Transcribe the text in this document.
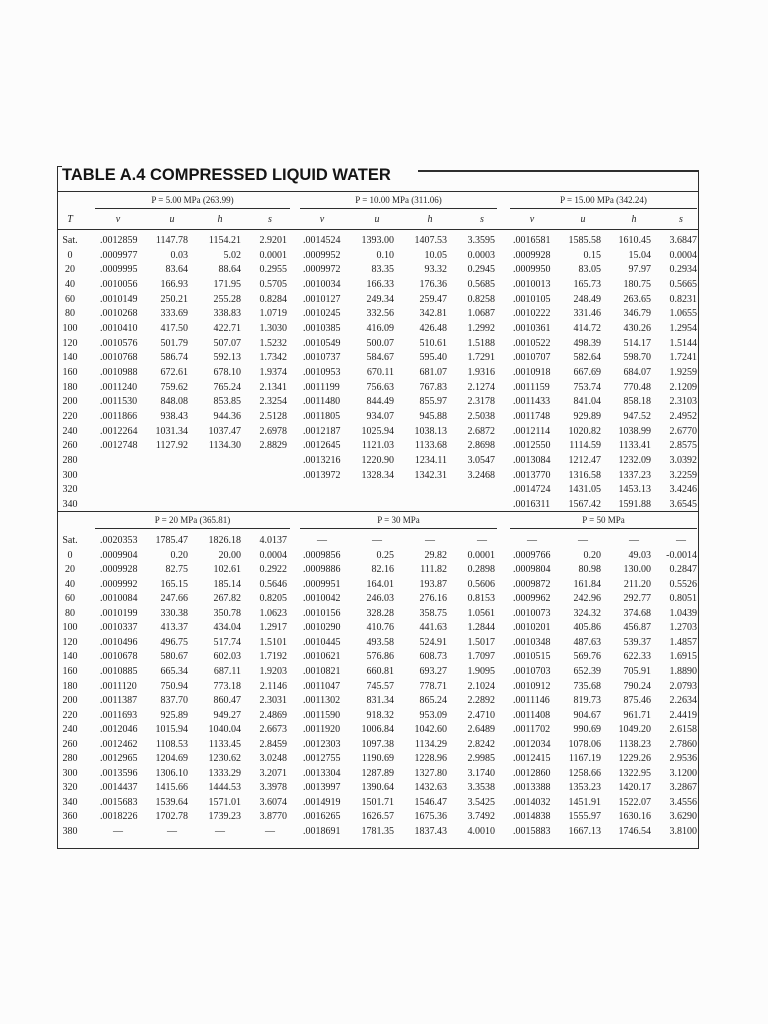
TABLE A.4 COMPRESSED LIQUID WATER
P = 5.00 MPa (263.99)	P = 10.00 MPa (311.06)	P = 15.00 MPa (342.24)
T	v	u	h	s	v	u	h	s	v	u	h	s
Sat.	.0012859	1147.78	1154.21	2.9201 .0014524	1393.00	1407.53	3.3595 .0016581	1585.58	1610.45	3.6847
0	.0009977	0.03	5.02	0.0001 .0009952	0.10	10.05	0.0003 .0009928	0.15	15.04	0.0004
20	.0009995	83.64	88.64	0.2955 .0009972	83.35	93.32	0.2945 .0009950	83.05	97.97	0.2934
40	.0010056	166.93	171.95	0.5705 .0010034	166.33	176.36	0.5685 .0010013	165.73	180.75	0.5665
60	.0010149	250.21	255.28	0.8284 .0010127	249.34	259.47	0.8258 .0010105	248.49	263.65	0.8231
80	.0010268	333.69	338.83	1.0719 .0010245	332.56	342.81	1.0687 .0010222	331.46	346.79	1.0655
100	.0010410	417.50	422.71	1.3030 .0010385	416.09	426.48	1.2992 .0010361	414.72	430.26	1.2954
120	.0010576	501.79	507.07	1.5232 .0010549	500.07	510.61	1.5188 .0010522	498.39	514.17	1.5144
140	.0010768	586.74	592.13	1.7342 .0010737	584.67	595.40	1.7291 .0010707	582.64	598.70	1.7241
160	.0010988	672.61	678.10	1.9374 .0010953	670.11	681.07	1.9316 .0010918	667.69	684.07	1.9259
180	.0011240	759.62	765.24	2.1341 .0011199	756.63	767.83	2.1274 .0011159	753.74	770.48	2.1209
200	.0011530	848.08	853.85	2.3254 .0011480	844.49	855.97	2.3178 .0011433	841.04	858.18	2.3103
220	.0011866	938.43	944.36	2.5128 .0011805	934.07	945.88	2.5038 .0011748	929.89	947.52	2.4952
240	.0012264	1031.34	1037.47	2.6978 .0012187	1025.94	1038.13	2.6872 .0012114	1020.82	1038.99	2.6770
260	.0012748	1127.92	1134.30	2.8829 .0012645	1121.03	1133.68	2.8698 .0012550	1114.59	1133.41	2.8575
280	.0013216	1220.90	1234.11	3.0547 .0013084	1212.47	1232.09	3.0392
300	.0013972	1328.34	1342.31	3.2468 .0013770	1316.58	1337.23	3.2259
320	.0014724	1431.05	1453.13	3.4246
340	.0016311	1567.42	1591.88	3.6545
P = 20 MPa (365.81)	P = 30 MPa	P = 50 MPa
Sat.	.0020353	1785.47	1826.18	4.0137	—	—	—	—	—	—	—	—
0	.0009904	0.20	20.00	0.0004 .0009856	0.25	29.82	0.0001 .0009766	0.20	49.03	-0.0014
20	.0009928	82.75	102.61	0.2922 .0009886	82.16	111.82	0.2898 .0009804	80.98	130.00	0.2847
40	.0009992	165.15	185.14	0.5646 .0009951	164.01	193.87	0.5606 .0009872	161.84	211.20	0.5526
60	.0010084	247.66	267.82	0.8205 .0010042	246.03	276.16	0.8153 .0009962	242.96	292.77	0.8051
80	.0010199	330.38	350.78	1.0623 .0010156	328.28	358.75	1.0561 .0010073	324.32	374.68	1.0439
100	.0010337	413.37	434.04	1.2917 .0010290	410.76	441.63	1.2844 .0010201	405.86	456.87	1.2703
120	.0010496	496.75	517.74	1.5101 .0010445	493.58	524.91	1.5017 .0010348	487.63	539.37	1.4857
140	.0010678	580.67	602.03	1.7192 .0010621	576.86	608.73	1.7097 .0010515	569.76	622.33	1.6915
160	.0010885	665.34	687.11	1.9203 .0010821	660.81	693.27	1.9095 .0010703	652.39	705.91	1.8890
180	.0011120	750.94	773.18	2.1146 .0011047	745.57	778.71	2.1024 .0010912	735.68	790.24	2.0793
200	.0011387	837.70	860.47	2.3031 .0011302	831.34	865.24	2.2892 .0011146	819.73	875.46	2.2634
220	.0011693	925.89	949.27	2.4869 .0011590	918.32	953.09	2.4710 .0011408	904.67	961.71	2.4419
240	.0012046	1015.94	1040.04	2.6673 .0011920	1006.84	1042.60	2.6489 .0011702	990.69	1049.20	2.6158
260	.0012462	1108.53	1133.45	2.8459 .0012303	1097.38	1134.29	2.8242 .0012034	1078.06	1138.23	2.7860
280	.0012965	1204.69	1230.62	3.0248 .0012755	1190.69	1228.96	2.9985 .0012415	1167.19	1229.26	2.9536
300	.0013596	1306.10	1333.29	3.2071 .0013304	1287.89	1327.80	3.1740 .0012860	1258.66	1322.95	3.1200
320	.0014437	1415.66	1444.53	3.3978 .0013997	1390.64	1432.63	3.3538 .0013388	1353.23	1420.17	3.2867
340	.0015683	1539.64	1571.01	3.6074 .0014919	1501.71	1546.47	3.5425 .0014032	1451.91	1522.07	3.4556
360	.0018226	1702.78	1739.23	3.8770 .0016265	1626.57	1675.36	3.7492 .0014838	1555.97	1630.16	3.6290
380	—	—	—	—	.0018691	1781.35	1837.43	4.0010 .0015883	1667.13	1746.54	3.8100
